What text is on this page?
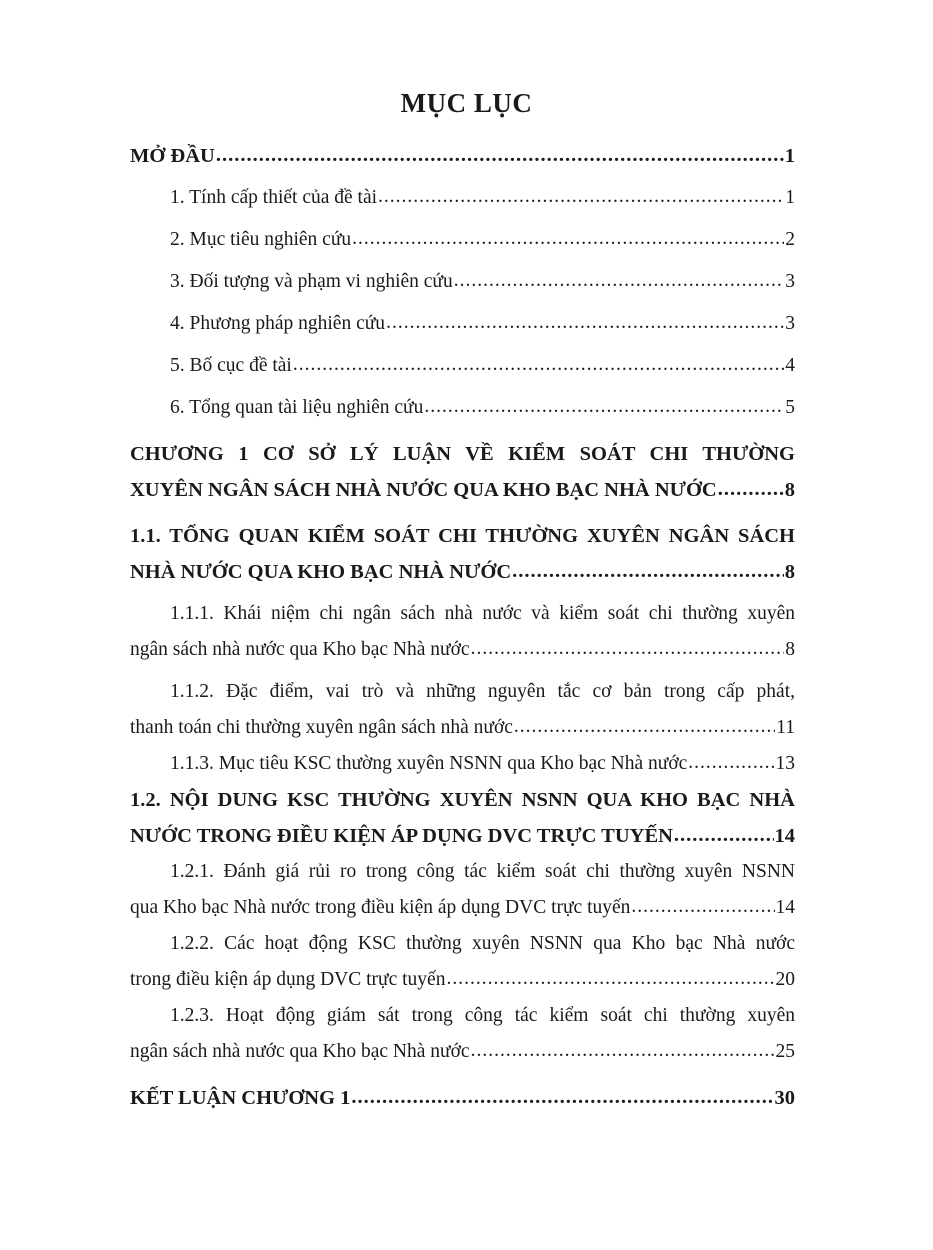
MỤC LỤC
MỞ ĐẦU .....	1
1. Tính cấp thiết của đề tài .....	1
2. Mục tiêu nghiên cứu .....	2
3. Đối tượng và phạm vi nghiên cứu .....	3
4. Phương pháp nghiên cứu .....	3
5. Bố cục đề tài .....	4
6. Tổng quan tài liệu nghiên cứu .....	5
CHƯƠNG 1 CƠ SỞ LÝ LUẬN VỀ KIỂM SOÁT CHI THƯỜNG
XUYÊN NGÂN SÁCH NHÀ NƯỚC QUA KHO BẠC NHÀ NƯỚC .....	8
1.1. TỔNG QUAN KIỂM SOÁT CHI THƯỜNG XUYÊN NGÂN SÁCH
NHÀ NƯỚC QUA KHO BẠC NHÀ NƯỚC .....	8
1.1.1. Khái niệm chi ngân sách nhà nước và kiểm soát chi thường xuyên
ngân sách nhà nước qua Kho bạc Nhà nước .....	8
1.1.2. Đặc điểm, vai trò và những nguyên tắc cơ bản trong cấp phát,
thanh toán chi thường xuyên ngân sách nhà nước .....	11
1.1.3. Mục tiêu KSC thường xuyên NSNN qua Kho bạc Nhà nước .....	13
1.2. NỘI DUNG KSC THƯỜNG XUYÊN NSNN QUA KHO BẠC NHÀ
NƯỚC TRONG ĐIỀU KIỆN ÁP DỤNG DVC TRỰC TUYẾN .....	14
1.2.1. Đánh giá rủi ro trong công tác kiểm soát chi thường xuyên NSNN
qua Kho bạc Nhà nước trong điều kiện áp dụng DVC trực tuyến .....	14
1.2.2. Các hoạt động KSC thường xuyên NSNN qua Kho bạc Nhà nước
trong điều kiện áp dụng DVC trực tuyến .....	20
1.2.3. Hoạt động giám sát trong công tác kiểm soát chi thường xuyên
ngân sách nhà nước qua Kho bạc Nhà nước .....	25
KẾT LUẬN CHƯƠNG 1 .....	30
